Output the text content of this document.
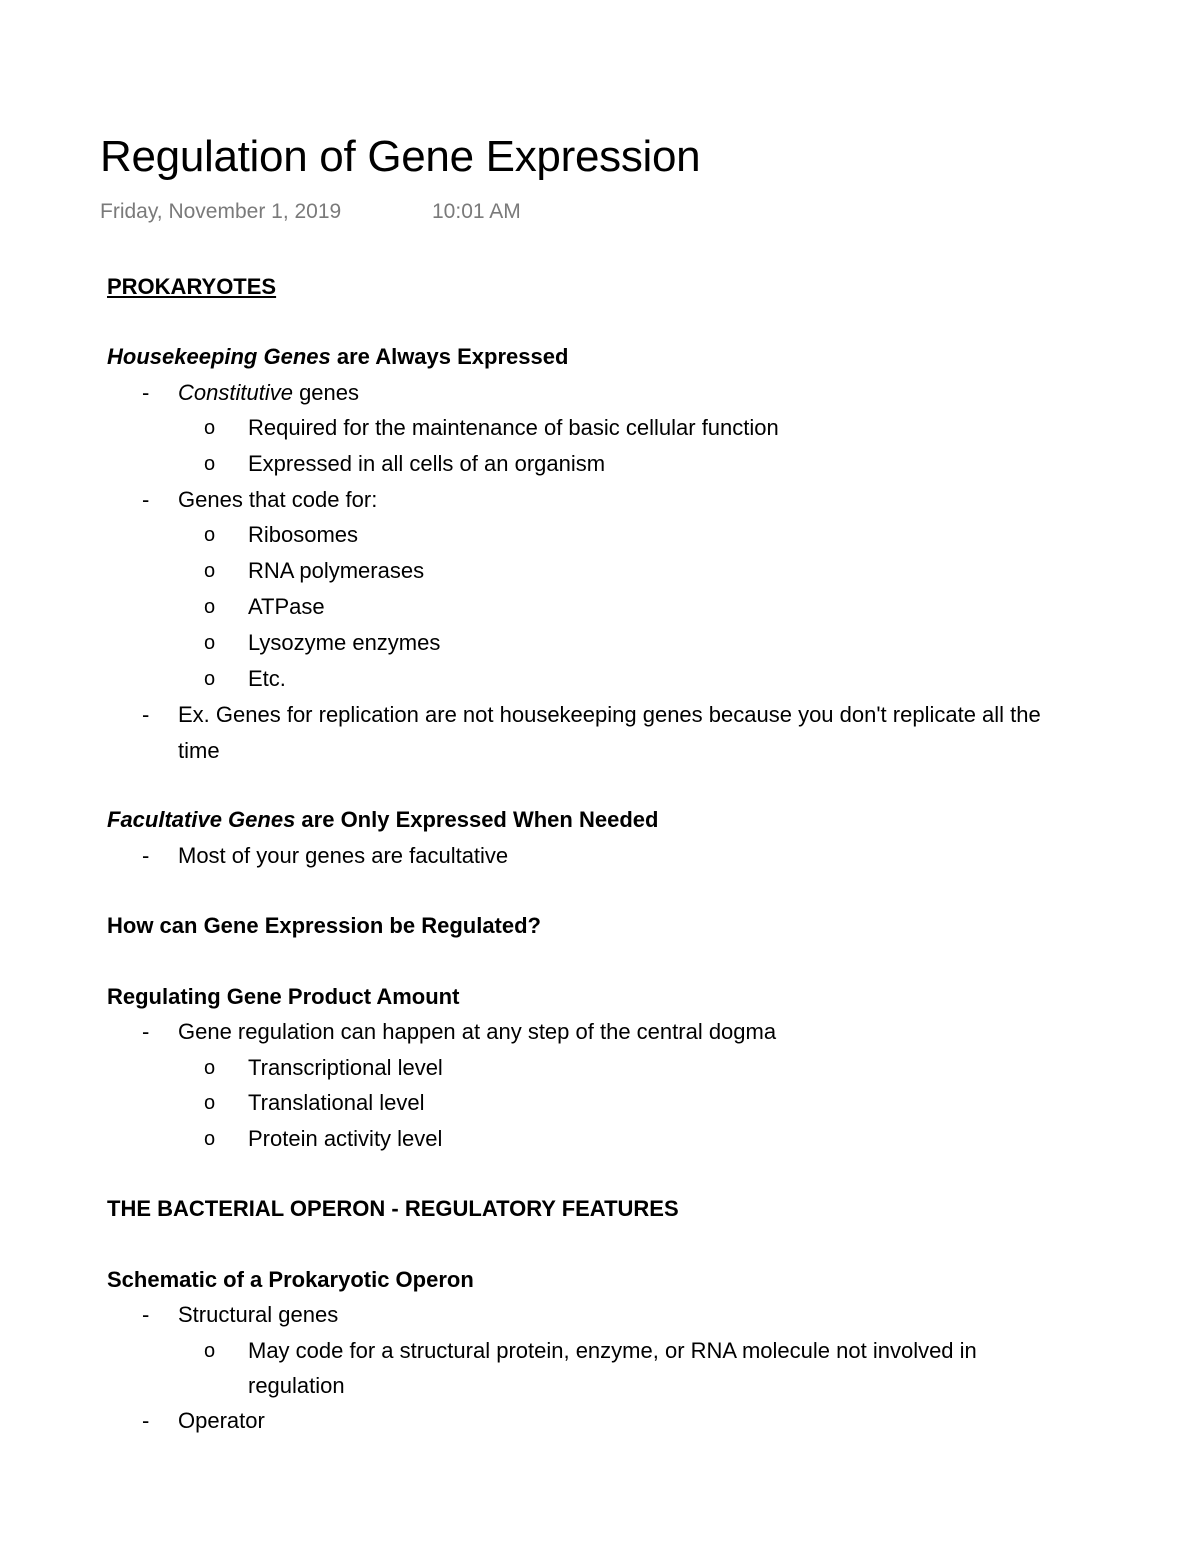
Regulation of Gene Expression
Friday, November 1, 2019	10:01 AM
PROKARYOTES
Housekeeping Genes are Always Expressed
- Constitutive genes
o Required for the maintenance of basic cellular function
o Expressed in all cells of an organism
- Genes that code for:
o Ribosomes
o RNA polymerases
o ATPase
o Lysozyme enzymes
o Etc.
- Ex. Genes for replication are not housekeeping genes because you don't replicate all the
time
Facultative Genes are Only Expressed When Needed
- Most of your genes are facultative
How can Gene Expression be Regulated?
Regulating Gene Product Amount
- Gene regulation can happen at any step of the central dogma
o Transcriptional level
o Translational level
o Protein activity level
THE BACTERIAL OPERON - REGULATORY FEATURES
Schematic of a Prokaryotic Operon
- Structural genes
o May code for a structural protein, enzyme, or RNA molecule not involved in
regulation
- Operator
